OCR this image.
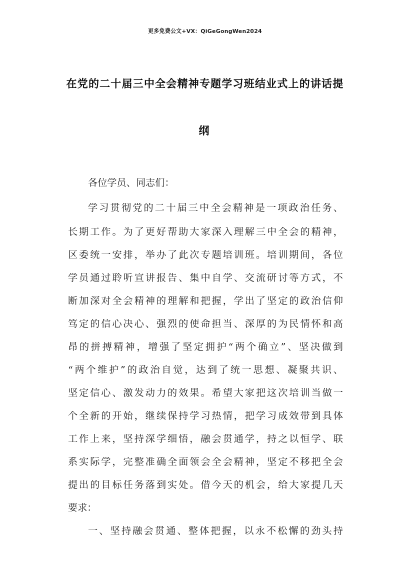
更多免费公文+VX：QiGeGongWen2024
在党的二十届三中全会精神专题学习班结业式上的讲话提
纲
各位学员、同志们：
学习贯彻党的二十届三中全会精神是一项政治任务、
长期工作。为了更好帮助大家深入理解三中全会的精神，
区委统一安排，举办了此次专题培训班。培训期间，各位
学员通过聆听宣讲报告、集中自学、交流研讨等方式，不
断加深对全会精神的理解和把握，学出了坚定的政治信仰
笃定的信心决心、强烈的使命担当、深厚的为民情怀和高
昂的拼搏精神，增强了坚定拥护“两个确立”、坚决做到
“两个维护”的政治自觉，达到了统一思想、凝聚共识、
坚定信心、激发动力的效果。希望大家把这次培训当做一
个全新的开始，继续保持学习热情，把学习成效带到具体
工作上来，坚持深学细悟，融会贯通学，持之以恒学、联
系实际学，完整准确全面领会全会精神，坚定不移把全会
提出的目标任务落到实处。借今天的机会，给大家提几天
要求：
一、坚持融会贯通、整体把握，以永不松懈的劲头持
